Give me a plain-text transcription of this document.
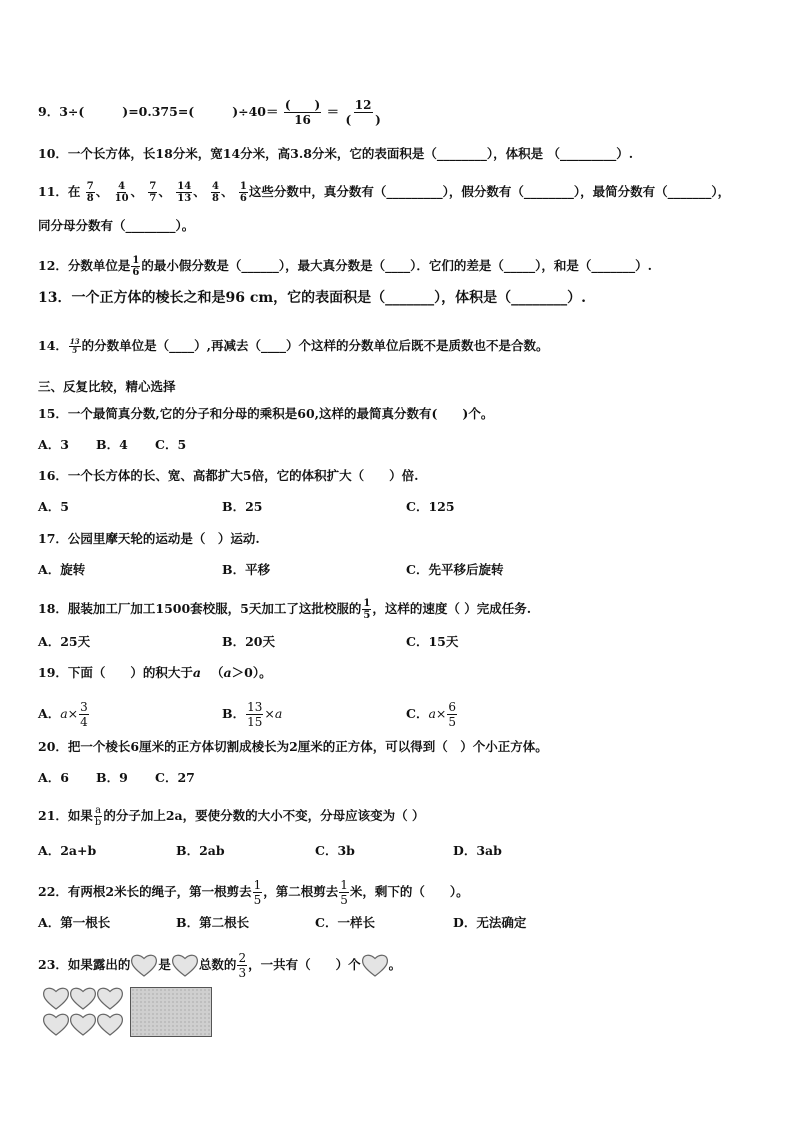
9．3÷(	)=0.375=(	)÷40＝ (　　)
16
＝ 12
(　　)
10．一个长方体，长18分米，宽14分米，高3.8分米，它的表面积是（________），体积是 （_________）.
11．在 $\frac{7}{8}$ 、 $\frac{4}{10}$ 、 $\frac{7}{7}$ 、 $\frac{14}{13}$ 、 $\frac{4}{8}$ 、 $\frac{1}{6}$ 这些分数中，真分数有（_________），假分数有（________），最简分数有（_______），
同分母分数有（________）。
12．分数单位是 $\frac{1}{6}$ 的最小假分数是（______），最大真分数是（____）．它们的差是（_____），和是（_______）.
13．一个正方体的棱长之和是96 cm，它的表面积是（_______），体积是（________）.
14． $\frac{13}{5}$ 的分数单位是（____）,再减去（____）个这样的分数单位后既不是质数也不是合数。
三、反复比较，精心选择
15．一个最简真分数,它的分子和分母的乘积是60,这样的最简真分数有(　　)个。
A．3 B．4 C．5
16．一个长方体的长、宽、高都扩大5倍，它的体积扩大（　　）倍.
A．5	B．25	C．125
17．公园里摩天轮的运动是（　）运动.
A．旋转	B．平移	C．先平移后旋转
18．服装加工厂加工1500套校服，5天加工了这批校服的 $\frac{1}{5}$ ，这样的速度（ ）完成任务.
A．25天	B．20天	C．15天
19．下面（　　）的积大于a （a＞0）。
A．$a\times \frac{3}{4}$	B． $\frac{13}{15} \times a$	C．$a\times \frac{6}{5}$
20．把一个棱长6厘米的正方体切割成棱长为2厘米的正方体，可以得到（　）个小正方体。
A．6 B．9 C．27
21．如果 $\frac{a}{b}$ 的分子加上2a，要使分数的大小不变，分母应该变为（ ）
A．2a+b	B．2ab	C．3b	D．3ab
22．有两根2米长的绳子，第一根剪去 $\frac{1}{5}$ ，第二根剪去 $\frac{1}{5}$ 米，剩下的（　　）。
A．第一根长	B．第二根长	C．一样长	D．无法确定
23．如果露出的 是 总数的 $\frac{2}{3}$ ，一共有（　　）个 。
